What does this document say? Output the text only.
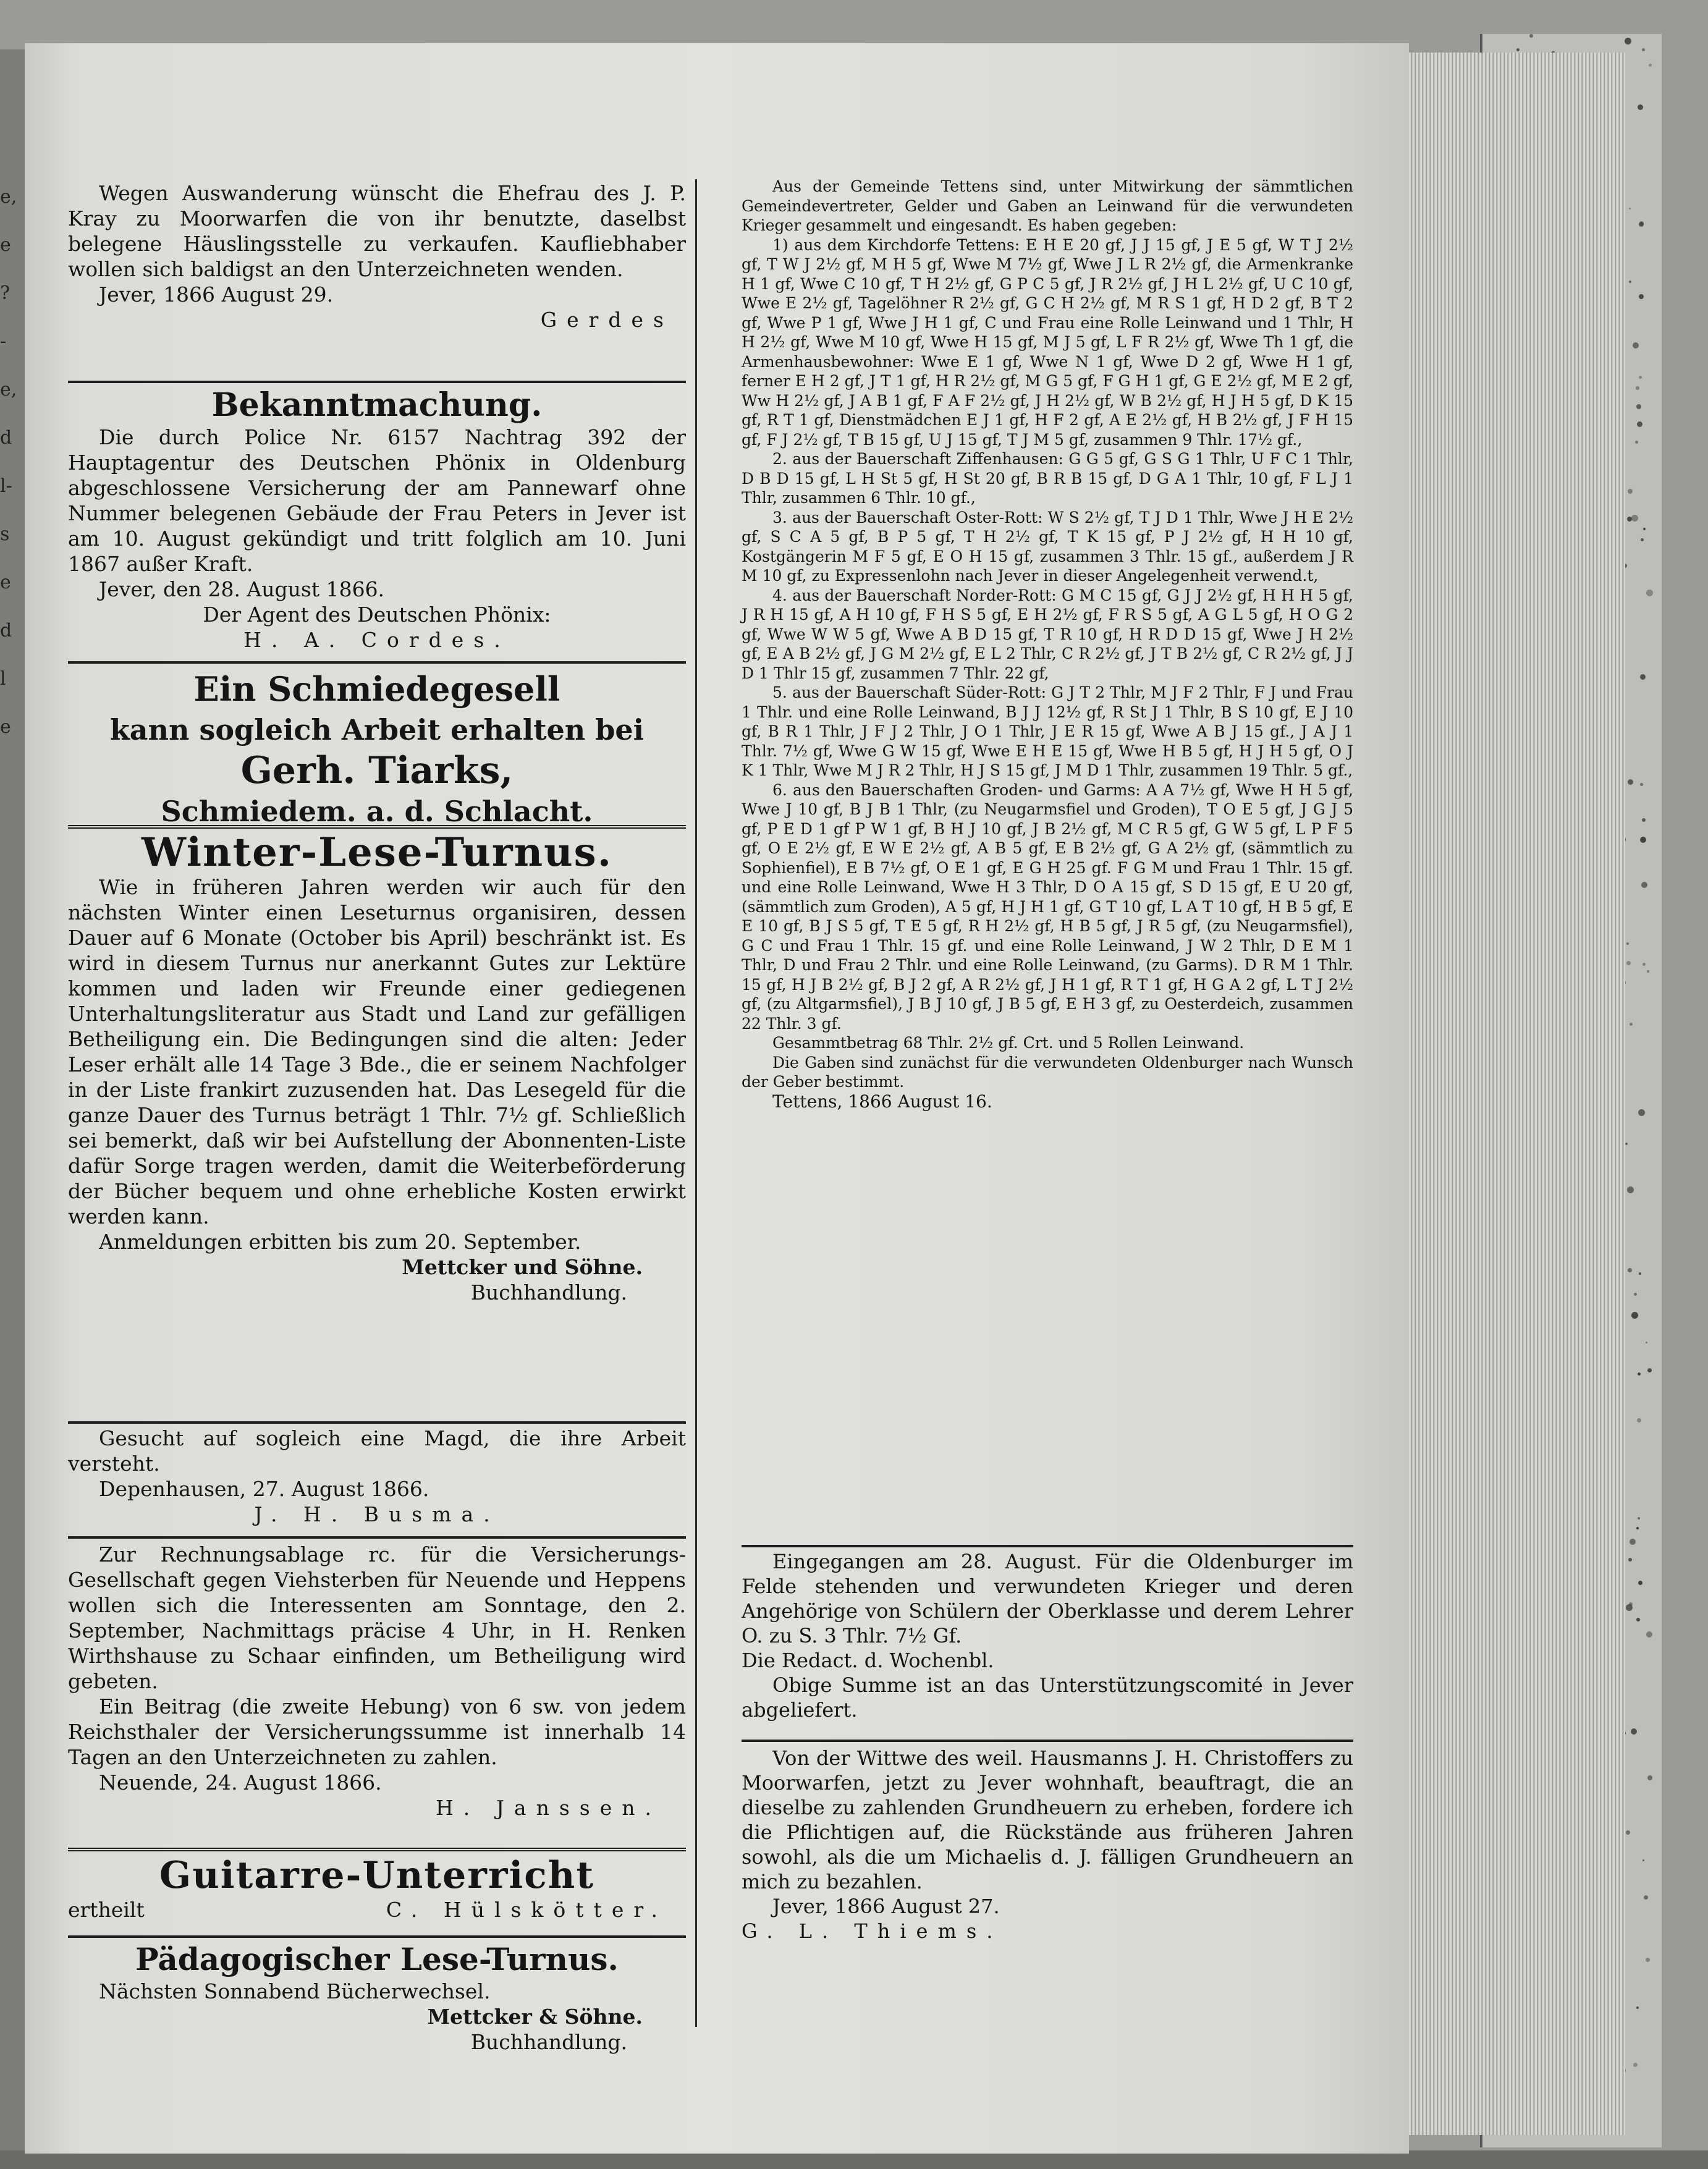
e,
e
?-
e,
d
l-
s
e
d
l
e

Wegen Auswanderung wünscht die Ehefrau des J. P. Kray zu Moorwarfen die von ihr benutzte, daselbst belegene Häuslingsstelle zu verkaufen. Kaufliebhaber wollen sich baldigst an den Unterzeichneten wenden.

Jever, 1866 August 29.

Gerdes

Bekanntmachung.

Die durch Police Nr. 6157 Nachtrag 392 der Hauptagentur des Deutschen Phönix in Oldenburg abgeschlossene Versicherung der am Pannewarf ohne Nummer belegenen Gebäude der Frau Peters in Jever ist am 10. August gekündigt und tritt folglich am 10. Juni 1867 außer Kraft.

Jever, den 28. August 1866.

Der Agent des Deutschen Phönix:

H. A. Cordes.

Ein Schmiedegesell

kann sogleich Arbeit erhalten bei

Gerh. Tiarks,

Schmiedem. a. d. Schlacht.

Winter-Lese-Turnus.

Wie in früheren Jahren werden wir auch für den nächsten Winter einen Leseturnus organisiren, dessen Dauer auf 6 Monate (October bis April) beschränkt ist. Es wird in diesem Turnus nur anerkannt Gutes zur Lektüre kommen und laden wir Freunde einer gediegenen Unterhaltungsliteratur aus Stadt und Land zur gefälligen Betheiligung ein. Die Bedingungen sind die alten: Jeder Leser erhält alle 14 Tage 3 Bde., die er seinem Nachfolger in der Liste frankirt zuzusenden hat. Das Lesegeld für die ganze Dauer des Turnus beträgt 1 Thlr. 7½ gf. Schließlich sei bemerkt, daß wir bei Aufstellung der Abonnenten-Liste dafür Sorge tragen werden, damit die Weiterbeförderung der Bücher bequem und ohne erhebliche Kosten erwirkt werden kann.

Anmeldungen erbitten bis zum 20. September.

Mettcker und Söhne.

Buchhandlung.

Gesucht auf sogleich eine Magd, die ihre Arbeit versteht.

Depenhausen, 27. August 1866.

J. H. Busma.

Zur Rechnungsablage rc. für die Versicherungs-Gesellschaft gegen Viehsterben für Neuende und Heppens wollen sich die Interessenten am Sonntage, den 2. September, Nachmittags präcise 4 Uhr, in H. Renken Wirthshause zu Schaar einfinden, um Betheiligung wird gebeten.

Ein Beitrag (die zweite Hebung) von 6 sw. von jedem Reichsthaler der Versicherungssumme ist innerhalb 14 Tagen an den Unterzeichneten zu zahlen.

Neuende, 24. August 1866.

H. Janssen.

Guitarre-Unterricht

ertheilt	C. Hülskötter.

Pädagogischer Lese-Turnus.

Nächsten Sonnabend Bücherwechsel.

Mettcker & Söhne.

Buchhandlung.

Aus der Gemeinde Tettens sind, unter Mitwirkung der sämmtlichen Gemeindevertreter, Gelder und Gaben an Leinwand für die verwundeten Krieger gesammelt und eingesandt. Es haben gegeben:

1) aus dem Kirchdorfe Tettens: E H E 20 gf, J J 15 gf, J E 5 gf, W T J 2½ gf, T W J 2½ gf, M H 5 gf, Wwe M 7½ gf, Wwe J L R 2½ gf, die Armenkranke H 1 gf, Wwe C 10 gf, T H 2½ gf, G P C 5 gf, J R 2½ gf, J H L 2½ gf, U C 10 gf, Wwe E 2½ gf, Tagelöhner R 2½ gf, G C H 2½ gf, M R S 1 gf, H D 2 gf, B T 2 gf, Wwe P 1 gf, Wwe J H 1 gf, C und Frau eine Rolle Leinwand und 1 Thlr, H H 2½ gf, Wwe M 10 gf, Wwe H 15 gf, M J 5 gf, L F R 2½ gf, Wwe Th 1 gf, die Armenhausbewohner: Wwe E 1 gf, Wwe N 1 gf, Wwe D 2 gf, Wwe H 1 gf, ferner E H 2 gf, J T 1 gf, H R 2½ gf, M G 5 gf, F G H 1 gf, G E 2½ gf, M E 2 gf, Ww H 2½ gf, J A B 1 gf, F A F 2½ gf, J H 2½ gf, W B 2½ gf, H J H 5 gf, D K 15 gf, R T 1 gf, Dienstmädchen E J 1 gf, H F 2 gf, A E 2½ gf, H B 2½ gf, J F H 15 gf, F J 2½ gf, T B 15 gf, U J 15 gf, T J M 5 gf, zusammen 9 Thlr. 17½ gf.,

2. aus der Bauerschaft Ziffenhausen: G G 5 gf, G S G 1 Thlr, U F C 1 Thlr, D B D 15 gf, L H St 5 gf, H St 20 gf, B R B 15 gf, D G A 1 Thlr, 10 gf, F L J 1 Thlr, zusammen 6 Thlr. 10 gf.,

3. aus der Bauerschaft Oster-Rott: W S 2½ gf, T J D 1 Thlr, Wwe J H E 2½ gf, S C A 5 gf, B P 5 gf, T H 2½ gf, T K 15 gf, P J 2½ gf, H H 10 gf, Kostgängerin M F 5 gf, E O H 15 gf, zusammen 3 Thlr. 15 gf., außerdem J R M 10 gf, zu Expressenlohn nach Jever in dieser Angelegenheit verwend.t,

4. aus der Bauerschaft Norder-Rott: G M C 15 gf, G J J 2½ gf, H H H 5 gf, J R H 15 gf, A H 10 gf, F H S 5 gf, E H 2½ gf, F R S 5 gf, A G L 5 gf, H O G 2 gf, Wwe W W 5 gf, Wwe A B D 15 gf, T R 10 gf, H R D D 15 gf, Wwe J H 2½ gf, E A B 2½ gf, J G M 2½ gf, E L 2 Thlr, C R 2½ gf, J T B 2½ gf, C R 2½ gf, J J D 1 Thlr 15 gf, zusammen 7 Thlr. 22 gf,

5. aus der Bauerschaft Süder-Rott: G J T 2 Thlr, M J F 2 Thlr, F J und Frau 1 Thlr. und eine Rolle Leinwand, B J J 12½ gf, R St J 1 Thlr, B S 10 gf, E J 10 gf, B R 1 Thlr, J F J 2 Thlr, J O 1 Thlr, J E R 15 gf, Wwe A B J 15 gf., J A J 1 Thlr. 7½ gf, Wwe G W 15 gf, Wwe E H E 15 gf, Wwe H B 5 gf, H J H 5 gf, O J K 1 Thlr, Wwe M J R 2 Thlr, H J S 15 gf, J M D 1 Thlr, zusammen 19 Thlr. 5 gf.,

6. aus den Bauerschaften Groden- und Garms: A A 7½ gf, Wwe H H 5 gf, Wwe J 10 gf, B J B 1 Thlr, (zu Neugarmsfiel und Groden), T O E 5 gf, J G J 5 gf, P E D 1 gf P W 1 gf, B H J 10 gf, J B 2½ gf, M C R 5 gf, G W 5 gf, L P F 5 gf, O E 2½ gf, E W E 2½ gf, A B 5 gf, E B 2½ gf, G A 2½ gf, (sämmtlich zu Sophienfiel), E B 7½ gf, O E 1 gf, E G H 25 gf. F G M und Frau 1 Thlr. 15 gf. und eine Rolle Leinwand, Wwe H 3 Thlr, D O A 15 gf, S D 15 gf, E U 20 gf, (sämmtlich zum Groden), A 5 gf, H J H 1 gf, G T 10 gf, L A T 10 gf, H B 5 gf, E E 10 gf, B J S 5 gf, T E 5 gf, R H 2½ gf, H B 5 gf, J R 5 gf, (zu Neugarmsfiel), G C und Frau 1 Thlr. 15 gf. und eine Rolle Leinwand, J W 2 Thlr, D E M 1 Thlr, D und Frau 2 Thlr. und eine Rolle Leinwand, (zu Garms). D R M 1 Thlr. 15 gf, H J B 2½ gf, B J 2 gf, A R 2½ gf, J H 1 gf, R T 1 gf, H G A 2 gf, L T J 2½ gf, (zu Altgarmsfiel), J B J 10 gf, J B 5 gf, E H 3 gf, zu Oesterdeich, zusammen 22 Thlr. 3 gf.

Gesammtbetrag 68 Thlr. 2½ gf. Crt. und 5 Rollen Leinwand.

Die Gaben sind zunächst für die verwundeten Oldenburger nach Wunsch der Geber bestimmt.

Tettens, 1866 August 16.

Eingegangen am 28. August. Für die Oldenburger im Felde stehenden und verwundeten Krieger und deren Angehörige von Schülern der Oberklasse und derem Lehrer O. zu S. 3 Thlr. 7½ Gf.

Die Redact. d. Wochenbl.

Obige Summe ist an das Unterstützungscomité in Jever abgeliefert.

Von der Wittwe des weil. Hausmanns J. H. Christoffers zu Moorwarfen, jetzt zu Jever wohnhaft, beauftragt, die an dieselbe zu zahlenden Grundheuern zu erheben, fordere ich die Pflichtigen auf, die Rückstände aus früheren Jahren sowohl, als die um Michaelis d. J. fälligen Grundheuern an mich zu bezahlen.

Jever, 1866 August 27.

G. L. Thiems.
